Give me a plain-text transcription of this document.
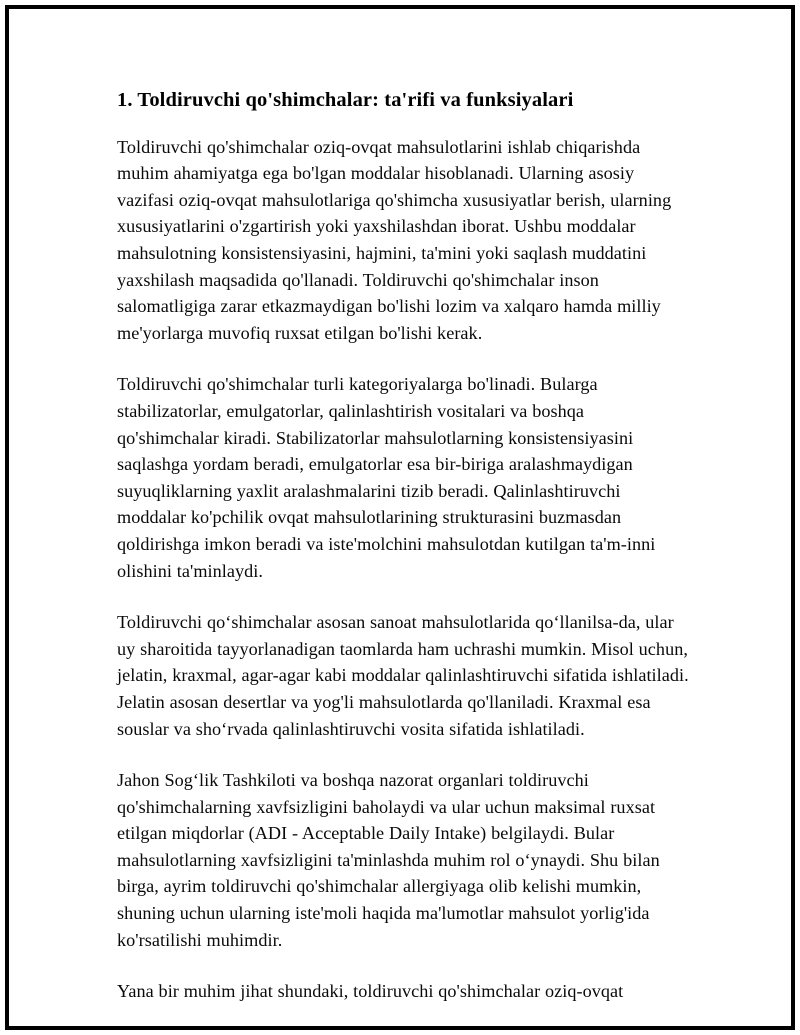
1. Toldiruvchi qo'shimchalar: ta'rifi va funksiyalari

Toldiruvchi qo'shimchalar oziq-ovqat mahsulotlarini ishlab chiqarishda muhim ahamiyatga ega bo'lgan moddalar hisoblanadi. Ularning asosiy vazifasi oziq-ovqat mahsulotlariga qo'shimcha xususiyatlar berish, ularning xususiyatlarini o'zgartirish yoki yaxshilashdan iborat. Ushbu moddalar mahsulotning konsistensiyasini, hajmini, ta'mini yoki saqlash muddatini yaxshilash maqsadida qo'llanadi. Toldiruvchi qo'shimchalar inson salomatligiga zarar etkazmaydigan bo'lishi lozim va xalqaro hamda milliy me'yorlarga muvofiq ruxsat etilgan bo'lishi kerak.

Toldiruvchi qo'shimchalar turli kategoriyalarga bo'linadi. Bularga stabilizatorlar, emulgatorlar, qalinlashtirish vositalari va boshqa qo'shimchalar kiradi. Stabilizatorlar mahsulotlarning konsistensiyasini saqlashga yordam beradi, emulgatorlar esa bir-biriga aralashmaydigan suyuqliklarning yaxlit aralashmalarini tizib beradi. Qalinlashtiruvchi moddalar ko'pchilik ovqat mahsulotlarining strukturasini buzmasdan qoldirishga imkon beradi va iste'molchini mahsulotdan kutilgan ta'm-inni olishini ta'minlaydi.

Toldiruvchi qoʻshimchalar asosan sanoat mahsulotlarida qoʻllanilsa-da, ular uy sharoitida tayyorlanadigan taomlarda ham uchrashi mumkin. Misol uchun, jelatin, kraxmal, agar-agar kabi moddalar qalinlashtiruvchi sifatida ishlatiladi. Jelatin asosan desertlar va yog'li mahsulotlarda qo'llaniladi. Kraxmal esa souslar va shoʻrvada qalinlashtiruvchi vosita sifatida ishlatiladi.

Jahon Sogʻlik Tashkiloti va boshqa nazorat organlari toldiruvchi qo'shimchalarning xavfsizligini baholaydi va ular uchun maksimal ruxsat etilgan miqdorlar (ADI - Acceptable Daily Intake) belgilaydi. Bular mahsulotlarning xavfsizligini ta'minlashda muhim rol oʻynaydi. Shu bilan birga, ayrim toldiruvchi qo'shimchalar allergiyaga olib kelishi mumkin, shuning uchun ularning iste'moli haqida ma'lumotlar mahsulot yorlig'ida ko'rsatilishi muhimdir.

Yana bir muhim jihat shundaki, toldiruvchi qo'shimchalar oziq-ovqat
